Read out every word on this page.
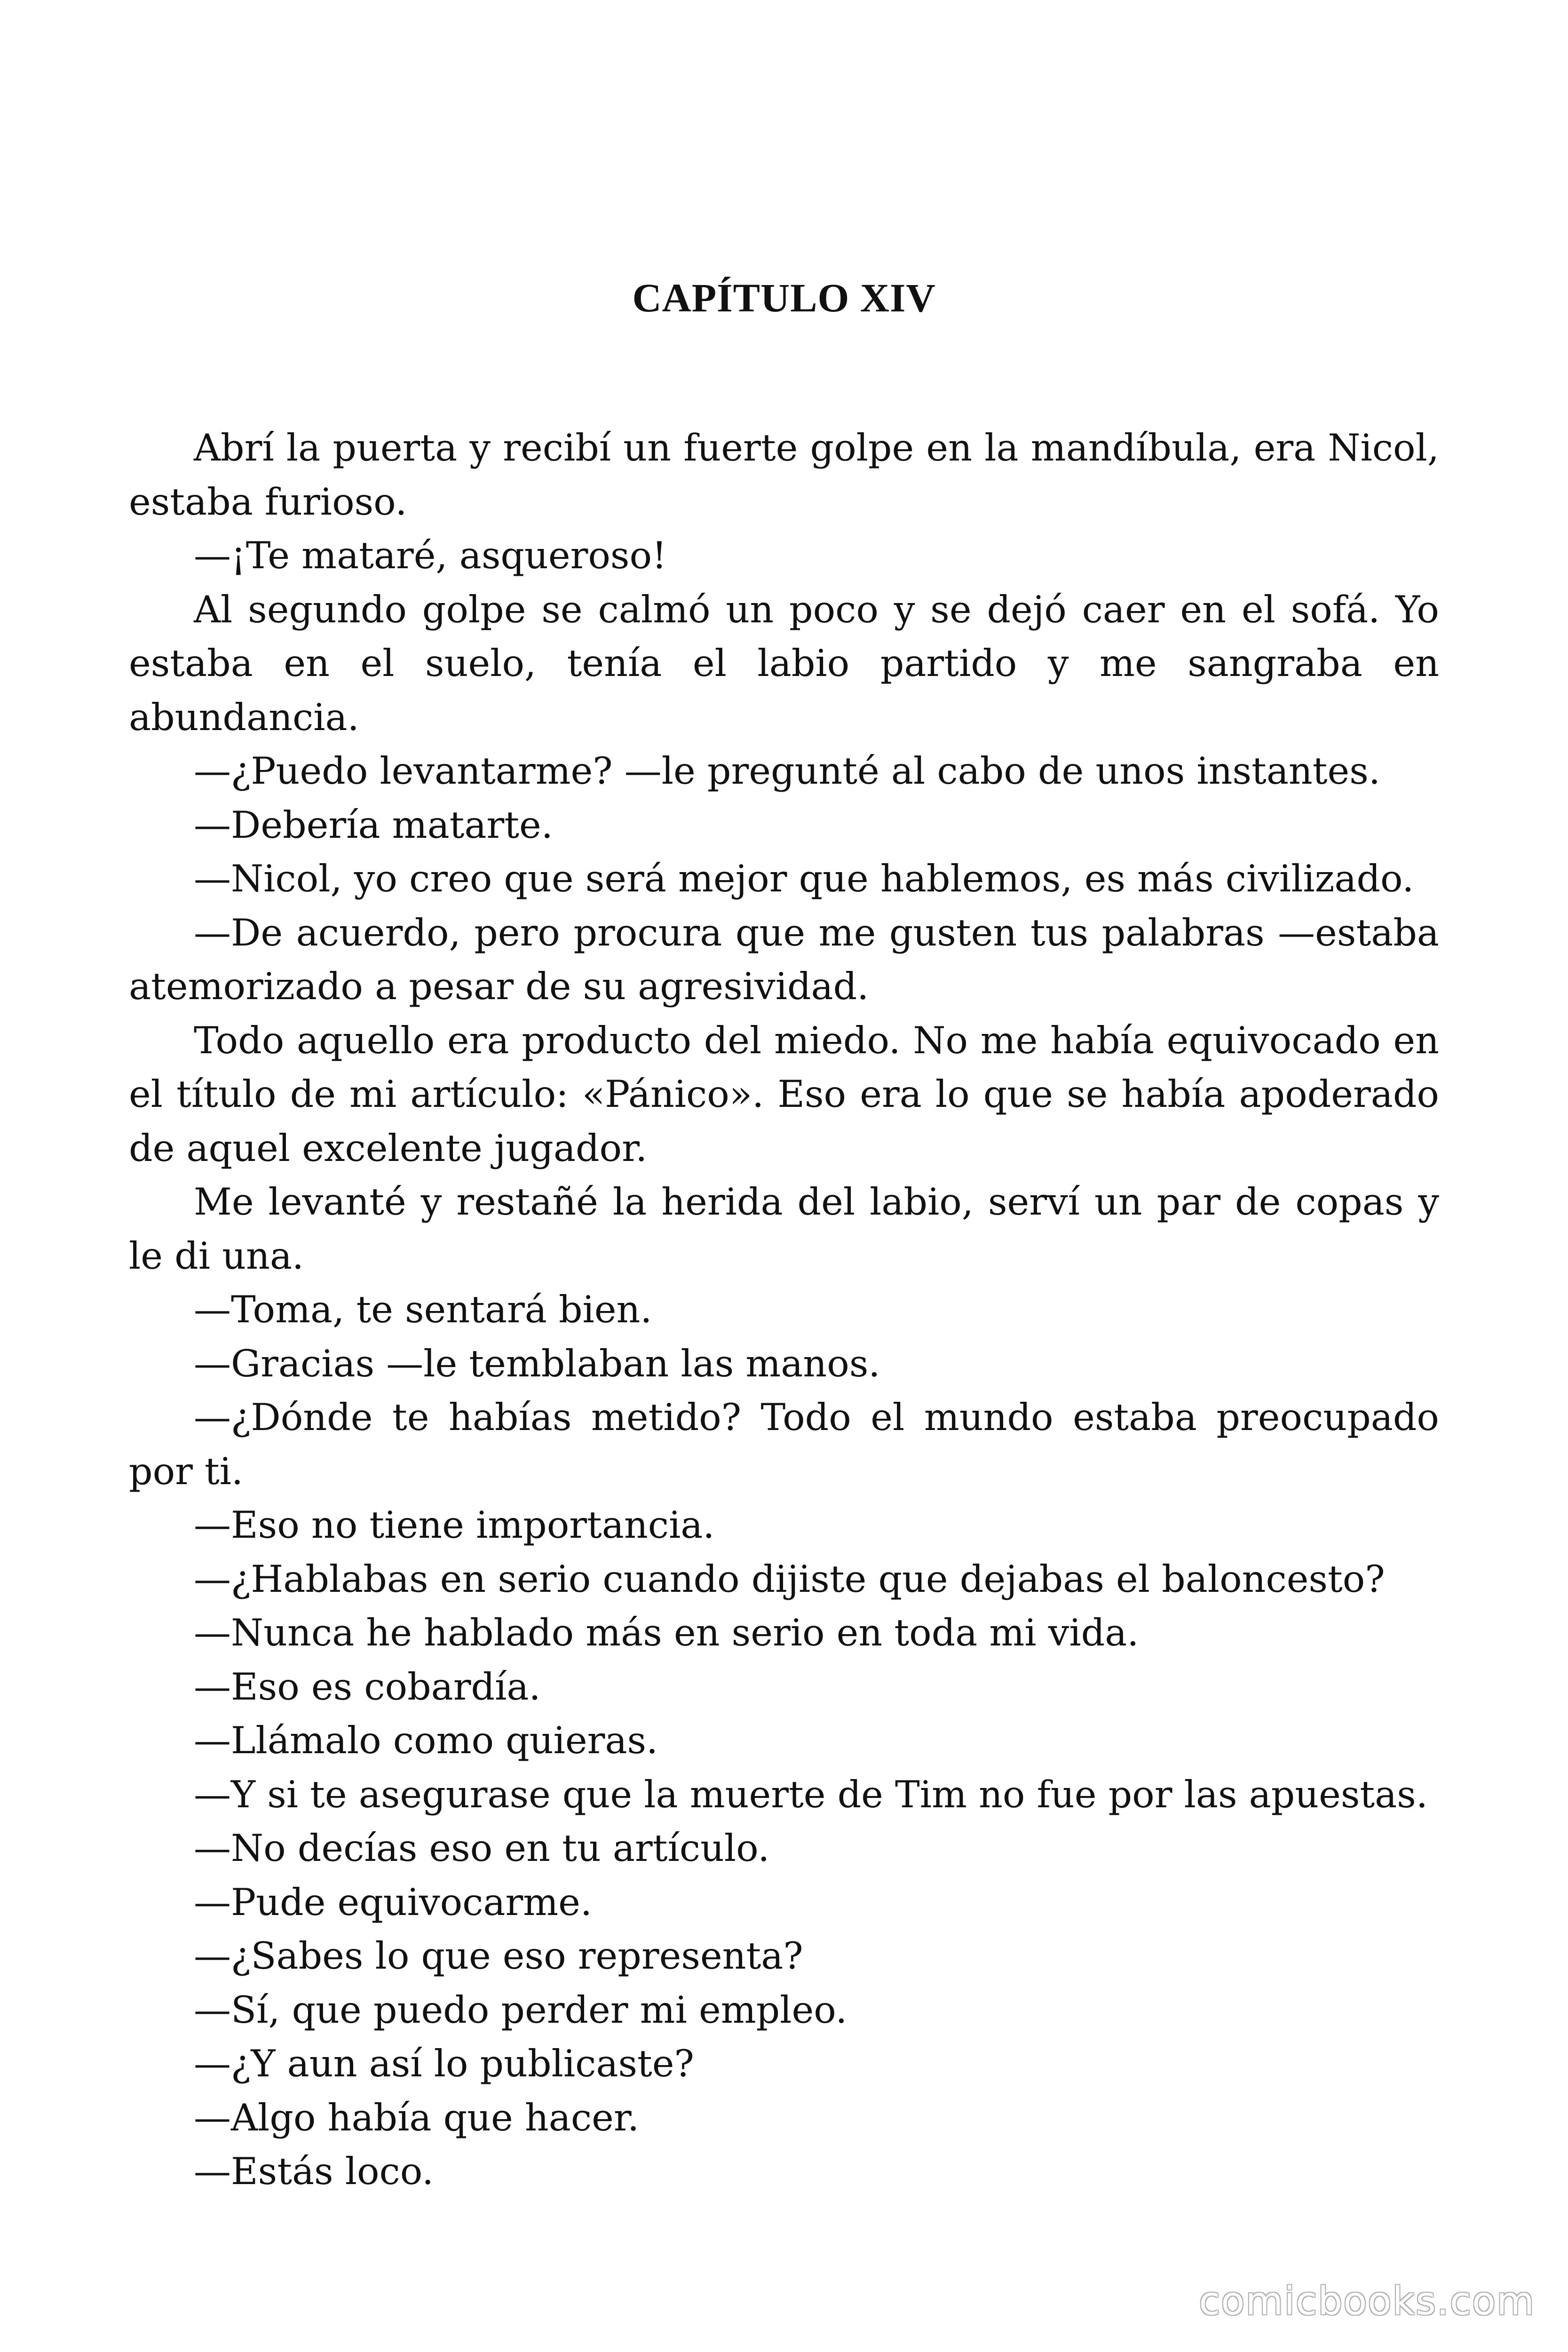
CAPÍTULO XIV

Abrí la puerta y recibí un fuerte golpe en la mandíbula, era Nicol, estaba furioso.

—¡Te mataré, asqueroso!

Al segundo golpe se calmó un poco y se dejó caer en el sofá. Yo estaba en el suelo, tenía el labio partido y me sangraba en abundancia.

—¿Puedo levantarme? —le pregunté al cabo de unos instantes.

—Debería matarte.

—Nicol, yo creo que será mejor que hablemos, es más civilizado.

—De acuerdo, pero procura que me gusten tus palabras —estaba atemorizado a pesar de su agresividad.

Todo aquello era producto del miedo. No me había equivocado en el título de mi artículo: «Pánico». Eso era lo que se había apoderado de aquel excelente jugador.

Me levanté y restañé la herida del labio, serví un par de copas y le di una.

—Toma, te sentará bien.

—Gracias —le temblaban las manos.

—¿Dónde te habías metido? Todo el mundo estaba preocupado por ti.

—Eso no tiene importancia.

—¿Hablabas en serio cuando dijiste que dejabas el baloncesto?

—Nunca he hablado más en serio en toda mi vida.

—Eso es cobardía.

—Llámalo como quieras.

—Y si te asegurase que la muerte de Tim no fue por las apuestas.

—No decías eso en tu artículo.

—Pude equivocarme.

—¿Sabes lo que eso representa?

—Sí, que puedo perder mi empleo.

—¿Y aun así lo publicaste?

—Algo había que hacer.

—Estás loco.

comicbooks.com
